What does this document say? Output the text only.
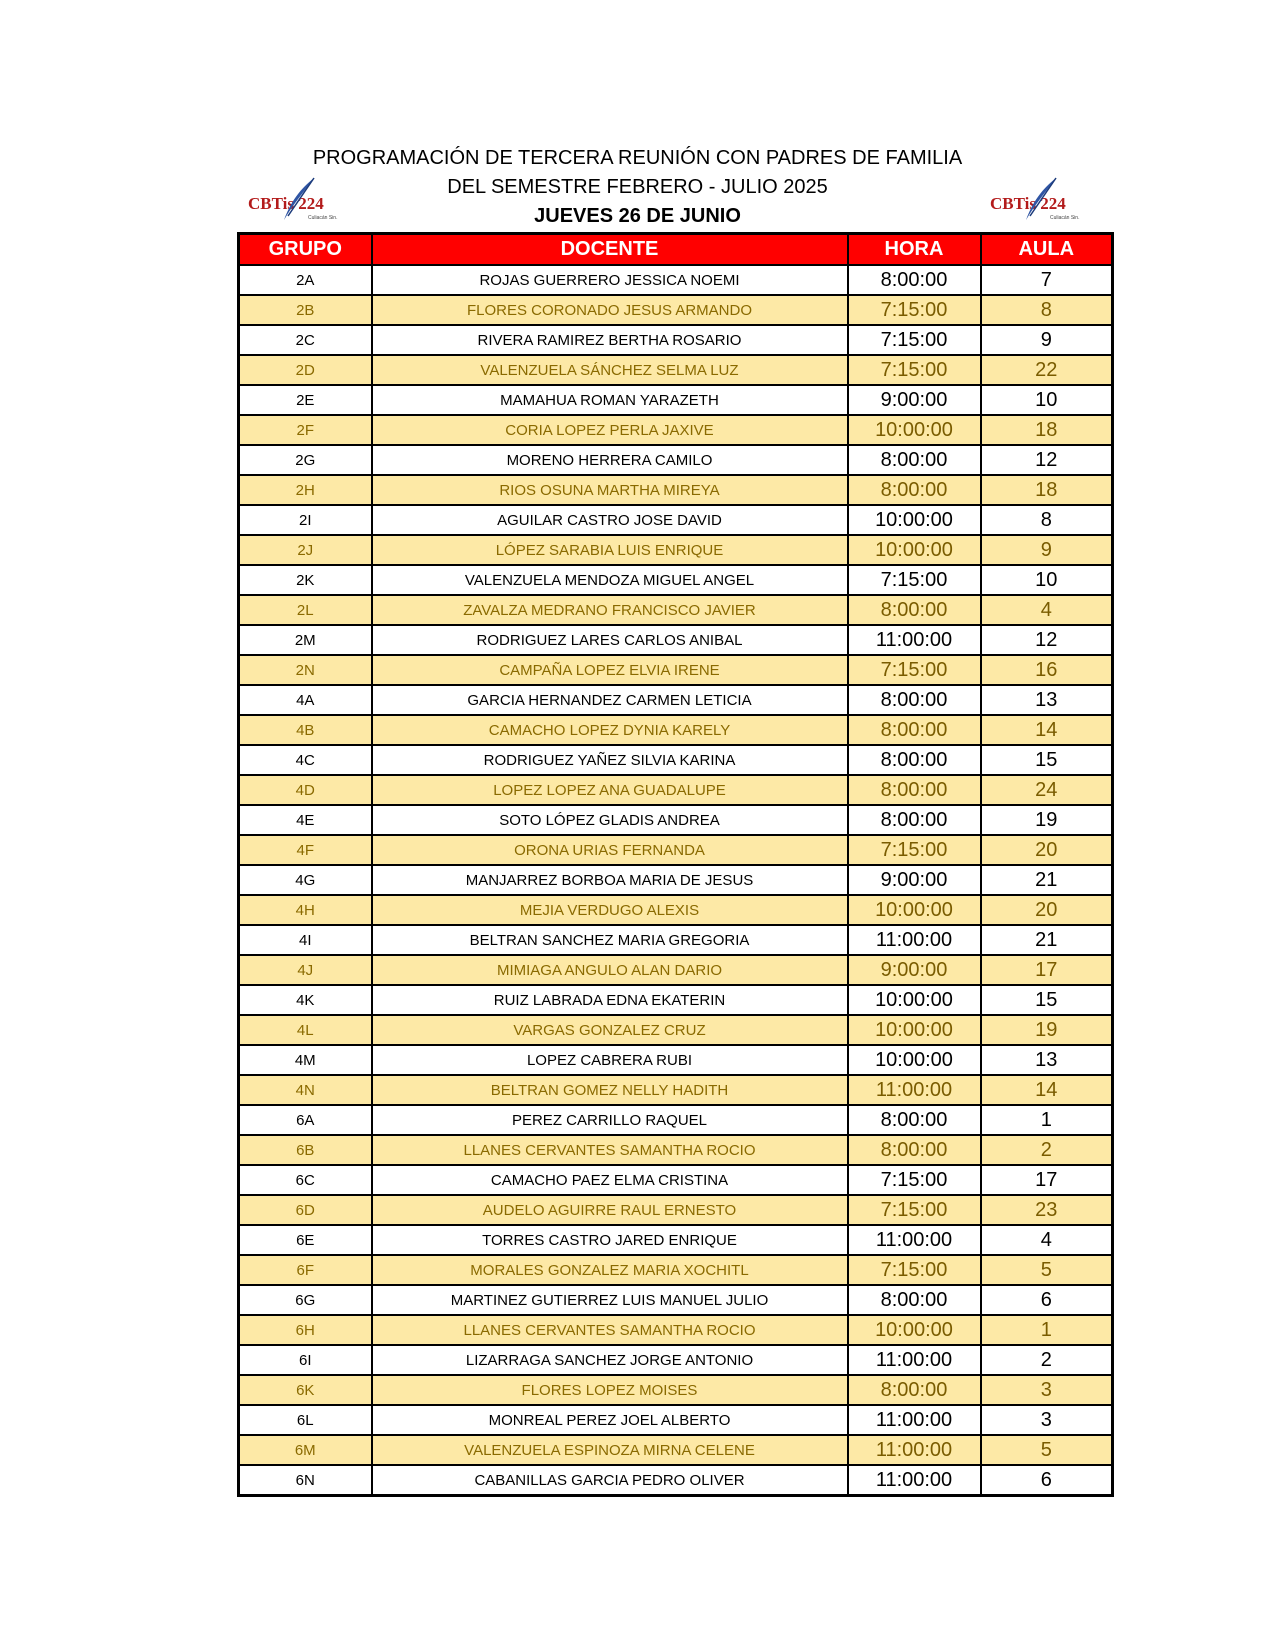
PROGRAMACIÓN DE TERCERA REUNIÓN CON PADRES DE FAMILIA
DEL SEMESTRE FEBRERO - JULIO 2025
JUEVES 26 DE JUNIO
CBTis 224
Culiacán Sin.
CBTis 224
Culiacán Sin.
GRUPO	DOCENTE	HORA	AULA
2A	ROJAS GUERRERO JESSICA NOEMI	8:00:00	7
2B	FLORES CORONADO JESUS ARMANDO	7:15:00	8
2C	RIVERA RAMIREZ BERTHA ROSARIO	7:15:00	9
2D	VALENZUELA SÁNCHEZ SELMA LUZ	7:15:00	22
2E	MAMAHUA ROMAN YARAZETH	9:00:00	10
2F	CORIA LOPEZ PERLA JAXIVE	10:00:00	18
2G	MORENO HERRERA CAMILO	8:00:00	12
2H	RIOS OSUNA MARTHA MIREYA	8:00:00	18
2I	AGUILAR CASTRO JOSE DAVID	10:00:00	8
2J	LÓPEZ SARABIA LUIS ENRIQUE	10:00:00	9
2K	VALENZUELA MENDOZA MIGUEL ANGEL	7:15:00	10
2L	ZAVALZA MEDRANO FRANCISCO JAVIER	8:00:00	4
2M	RODRIGUEZ LARES CARLOS ANIBAL	11:00:00	12
2N	CAMPAÑA LOPEZ ELVIA IRENE	7:15:00	16
4A	GARCIA HERNANDEZ CARMEN LETICIA	8:00:00	13
4B	CAMACHO LOPEZ DYNIA KARELY	8:00:00	14
4C	RODRIGUEZ YAÑEZ SILVIA KARINA	8:00:00	15
4D	LOPEZ LOPEZ ANA GUADALUPE	8:00:00	24
4E	SOTO LÓPEZ GLADIS ANDREA	8:00:00	19
4F	ORONA URIAS FERNANDA	7:15:00	20
4G	MANJARREZ BORBOA MARIA DE JESUS	9:00:00	21
4H	MEJIA VERDUGO ALEXIS	10:00:00	20
4I	BELTRAN SANCHEZ MARIA GREGORIA	11:00:00	21
4J	MIMIAGA ANGULO ALAN DARIO	9:00:00	17
4K	RUIZ LABRADA EDNA EKATERIN	10:00:00	15
4L	VARGAS GONZALEZ CRUZ	10:00:00	19
4M	LOPEZ CABRERA RUBI	10:00:00	13
4N	BELTRAN GOMEZ NELLY HADITH	11:00:00	14
6A	PEREZ CARRILLO RAQUEL	8:00:00	1
6B	LLANES CERVANTES SAMANTHA ROCIO	8:00:00	2
6C	CAMACHO PAEZ ELMA CRISTINA	7:15:00	17
6D	AUDELO AGUIRRE RAUL ERNESTO	7:15:00	23
6E	TORRES CASTRO JARED ENRIQUE	11:00:00	4
6F	MORALES GONZALEZ MARIA XOCHITL	7:15:00	5
6G	MARTINEZ GUTIERREZ LUIS MANUEL JULIO	8:00:00	6
6H	LLANES CERVANTES SAMANTHA ROCIO	10:00:00	1
6I	LIZARRAGA SANCHEZ JORGE ANTONIO	11:00:00	2
6K	FLORES LOPEZ MOISES	8:00:00	3
6L	MONREAL PEREZ JOEL ALBERTO	11:00:00	3
6M	VALENZUELA ESPINOZA MIRNA CELENE	11:00:00	5
6N	CABANILLAS GARCIA PEDRO OLIVER	11:00:00	6
